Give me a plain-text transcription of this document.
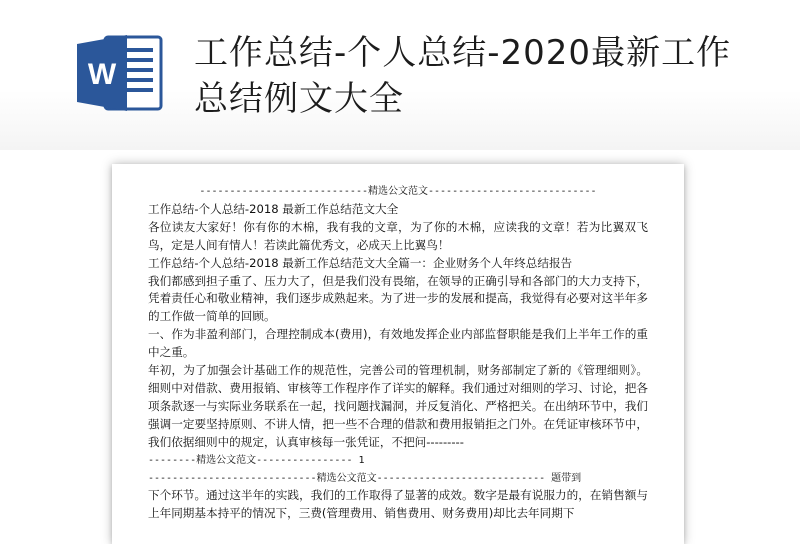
W
工作总结-个人总结-2020最新工作总结例文大全
----------------------------精选公文范文----------------------------
工作总结-个人总结-2018 最新工作总结范文大全
各位读友大家好！你有你的木棉，我有我的文章，为了你的木棉，应读我的文章！若为比翼双飞鸟，定是人间有情人！若读此篇优秀文，必成天上比翼鸟！
工作总结-个人总结-2018 最新工作总结范文大全篇一：企业财务个人年终总结报告
我们都感到担子重了、压力大了，但是我们没有畏缩，在领导的正确引导和各部门的大力支持下，凭着责任心和敬业精神，我们逐步成熟起来。为了进一步的发展和提高，我觉得有必要对这半年多的工作做一简单的回顾。
一、作为非盈利部门，合理控制成本(费用)，有效地发挥企业内部监督职能是我们上半年工作的重中之重。
年初，为了加强会计基础工作的规范性，完善公司的管理机制，财务部制定了新的《管理细则》。细则中对借款、费用报销、审核等工作程序作了详实的解释。我们通过对细则的学习、讨论，把各项条款逐一与实际业务联系在一起，找问题找漏洞，并反复消化、严格把关。在出纳环节中，我们强调一定要坚持原则、不讲人情，把一些不合理的借款和费用报销拒之门外。在凭证审核环节中，我们依据细则中的规定，认真审核每一张凭证，不把问---------
--------精选公文范文---------------- 1
----------------------------精选公文范文---------------------------- 题带到
下个环节。通过这半年的实践，我们的工作取得了显著的成效。数字是最有说服力的，在销售额与上年同期基本持平的情况下，三费(管理费用、销售费用、财务费用)却比去年同期下
